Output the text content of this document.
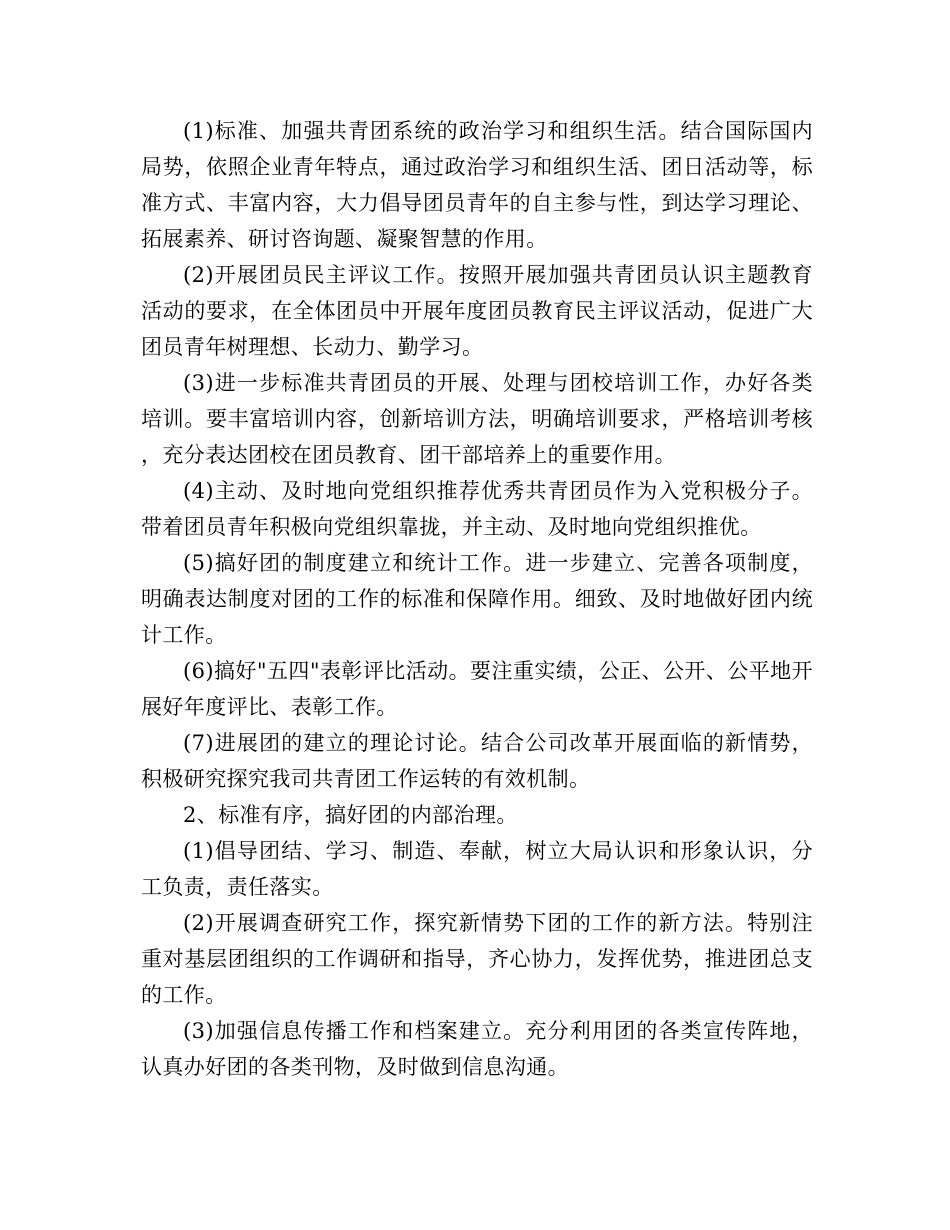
(1)标准、加强共青团系统的政治学习和组织生活。结合国际国内局势，依照企业青年特点，通过政治学习和组织生活、团日活动等，标准方式、丰富内容，大力倡导团员青年的自主参与性，到达学习理论、拓展素养、研讨咨询题、凝聚智慧的作用。

(2)开展团员民主评议工作。按照开展加强共青团员认识主题教育活动的要求，在全体团员中开展年度团员教育民主评议活动，促进广大团员青年树理想、长动力、勤学习。

(3)进一步标准共青团员的开展、处理与团校培训工作，办好各类培训。要丰富培训内容，创新培训方法，明确培训要求，严格培训考核，充分表达团校在团员教育、团干部培养上的重要作用。

(4)主动、及时地向党组织推荐优秀共青团员作为入党积极分子。带着团员青年积极向党组织靠拢，并主动、及时地向党组织推优。

(5)搞好团的制度建立和统计工作。进一步建立、完善各项制度，明确表达制度对团的工作的标准和保障作用。细致、及时地做好团内统计工作。

(6)搞好"五四"表彰评比活动。要注重实绩，公正、公开、公平地开展好年度评比、表彰工作。

(7)进展团的建立的理论讨论。结合公司改革开展面临的新情势，积极研究探究我司共青团工作运转的有效机制。

2、标准有序，搞好团的内部治理。

(1)倡导团结、学习、制造、奉献，树立大局认识和形象认识，分工负责，责任落实。

(2)开展调查研究工作，探究新情势下团的工作的新方法。特别注重对基层团组织的工作调研和指导，齐心协力，发挥优势，推进团总支的工作。

(3)加强信息传播工作和档案建立。充分利用团的各类宣传阵地，认真办好团的各类刊物，及时做到信息沟通。
